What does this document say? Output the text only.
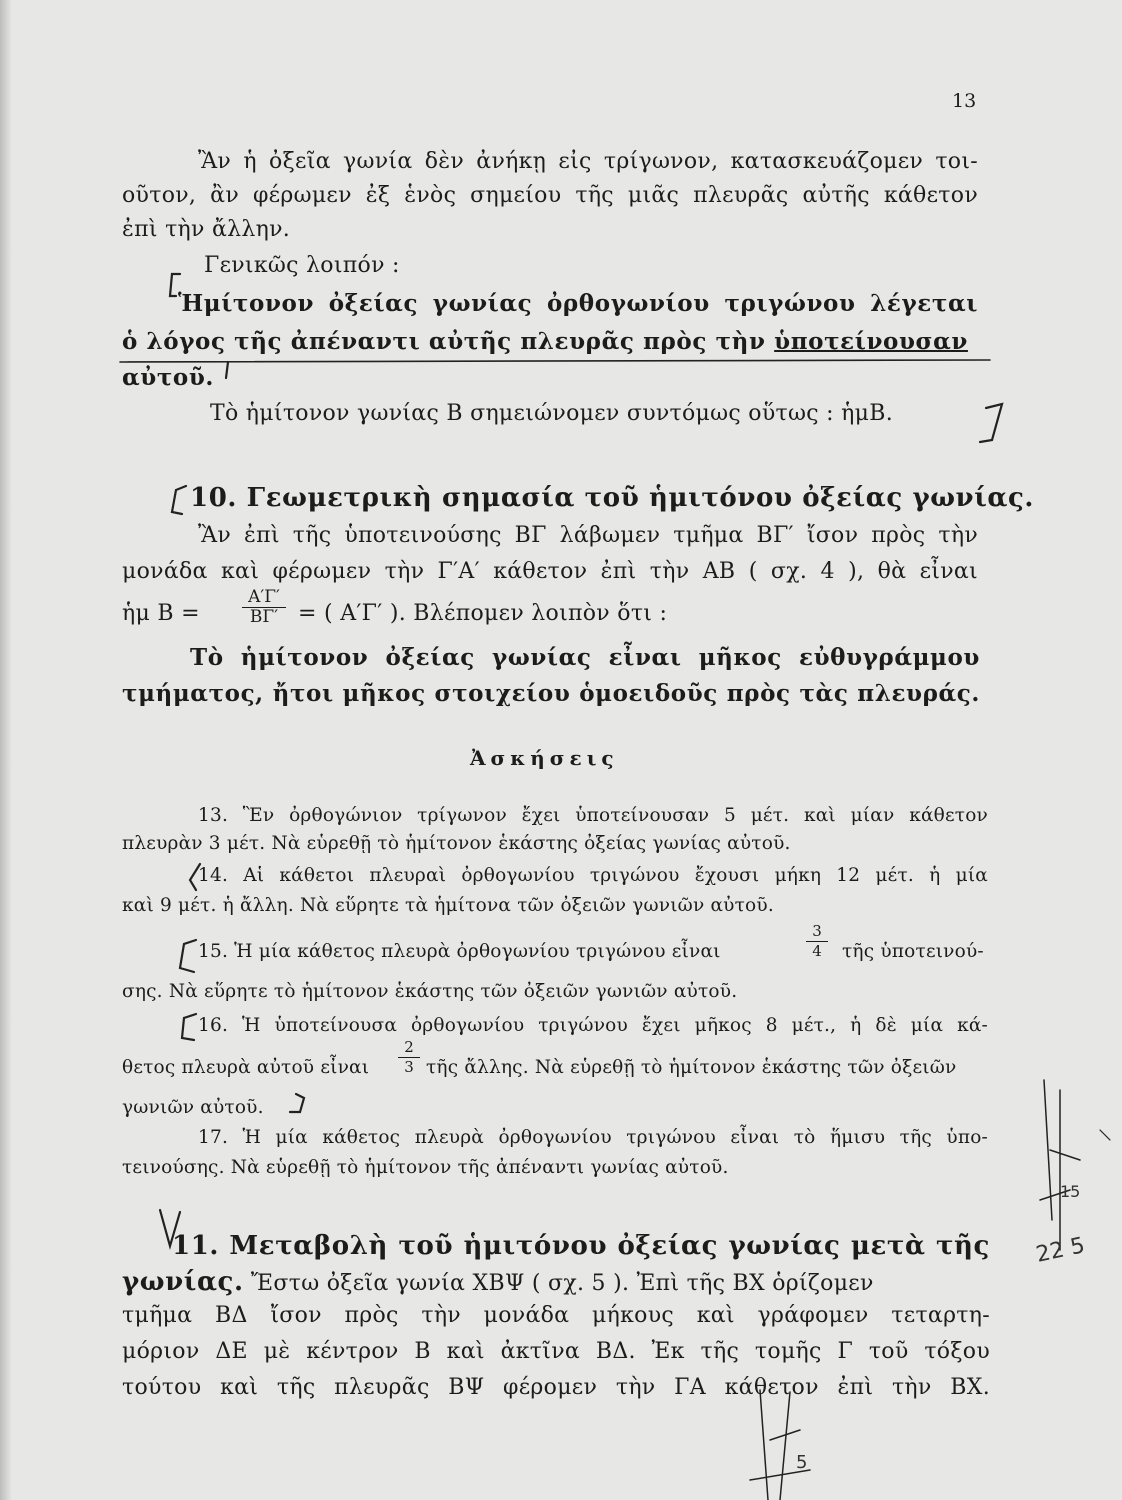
13
Ἂν ἡ ὀξεῖα γωνία δὲν ἀνήκῃ εἰς τρίγωνον, κατασκευάζομεν τοι-
οῦτον, ἂν φέρωμεν ἐξ ἑνὸς σημείου τῆς μιᾶς πλευρᾶς αὐτῆς κάθετον
ἐπὶ τὴν ἄλλην.
Γενικῶς λοιπόν :
Ἡμίτονον ὀξείας γωνίας ὀρθογωνίου τριγώνου λέγεται
ὁ λόγος τῆς ἀπέναντι αὐτῆς πλευρᾶς πρὸς τὴν ὑποτείνουσαν
αὐτοῦ.
Τὸ ἡμίτονον γωνίας Β σημειώνομεν συντόμως οὕτως : ἡμΒ.
10. Γεωμετρικὴ σημασία τοῦ ἡμιτόνου ὀξείας γωνίας.
Ἂν ἐπὶ τῆς ὑποτεινούσης ΒΓ λάβωμεν τμῆμα ΒΓ′ ἴσον πρὸς τὴν
μονάδα καὶ φέρωμεν τὴν Γ′Α′ κάθετον ἐπὶ τὴν ΑΒ ( σχ. 4 ), θὰ εἶναι
ἡμ Β =
Α′Γ′
ΒΓ′ = ( Α′Γ′ ). Βλέπομεν λοιπὸν ὅτι :
Τὸ ἡμίτονον ὀξείας γωνίας εἶναι μῆκος εὐθυγράμμου
τμήματος, ἤτοι μῆκος στοιχείου ὁμοειδοῦς πρὸς τὰς πλευράς.
Ἀσκήσεις
13. Ἓν ὀρθογώνιον τρίγωνον ἔχει ὑποτείνουσαν 5 μέτ. καὶ μίαν κάθετον
πλευρὰν 3 μέτ. Νὰ εὑρεθῇ τὸ ἡμίτονον ἑκάστης ὀξείας γωνίας αὐτοῦ.
14. Αἱ κάθετοι πλευραὶ ὀρθογωνίου τριγώνου ἔχουσι μήκη 12 μέτ. ἡ μία
καὶ 9 μέτ. ἡ ἄλλη. Νὰ εὕρητε τὰ ἡμίτονα τῶν ὀξειῶν γωνιῶν αὐτοῦ.
15. Ἡ μία κάθετος πλευρὰ ὀρθογωνίου τριγώνου εἶναι
3
4	τῆς ὑποτεινού-
σης. Νὰ εὕρητε τὸ ἡμίτονον ἑκάστης τῶν ὀξειῶν γωνιῶν αὐτοῦ.
16. Ἡ ὑποτείνουσα ὀρθογωνίου τριγώνου ἔχει μῆκος 8 μέτ., ἡ δὲ μία κά-
θετος πλευρὰ αὐτοῦ εἶναι
2
3 τῆς ἄλλης. Νὰ εὑρεθῇ τὸ ἡμίτονον ἑκάστης τῶν ὀξειῶν
γωνιῶν αὐτοῦ.
17. Ἡ μία κάθετος πλευρὰ ὀρθογωνίου τριγώνου εἶναι τὸ ἥμισυ τῆς ὑπο-
τεινούσης. Νὰ εὑρεθῇ τὸ ἡμίτονον τῆς ἀπέναντι γωνίας αὐτοῦ.
11. Μεταβολὴ τοῦ ἡμιτόνου ὀξείας γωνίας μετὰ τῆς
γωνίας. Ἔστω ὀξεῖα γωνία ΧΒΨ ( σχ. 5 ). Ἐπὶ τῆς ΒΧ ὁρίζομεν
τμῆμα ΒΔ ἴσον πρὸς τὴν μονάδα μήκους καὶ γράφομεν τεταρτη-
μόριον ΔΕ μὲ κέντρον Β καὶ ἀκτῖνα ΒΔ. Ἐκ τῆς τομῆς Γ τοῦ τόξου
τούτου καὶ τῆς πλευρᾶς ΒΨ φέρομεν τὴν ΓΑ κάθετον ἐπὶ τὴν ΒΧ.
15
22 5
5
